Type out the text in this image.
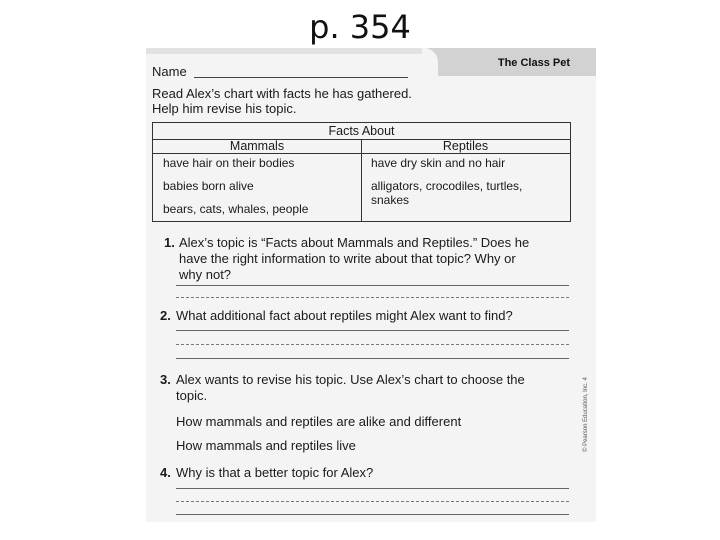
p. 354
The Class Pet
Name
Read Alex’s chart with facts he has gathered.
Help him revise his topic.
Facts About
Mammals	Reptiles
have hair on their bodies
babies born alive
bears, cats, whales, people
have dry skin and no hair
alligators, crocodiles, turtles,
snakes
1. Alex’s topic is “Facts about Mammals and Reptiles.” Does he
have the right information to write about that topic? Why or
why not?
2. What additional fact about reptiles might Alex want to find?
3. Alex wants to revise his topic. Use Alex’s chart to choose the
topic.
How mammals and reptiles are alike and different
How mammals and reptiles live
4. Why is that a better topic for Alex?
© Pearson Education, Inc. 4
